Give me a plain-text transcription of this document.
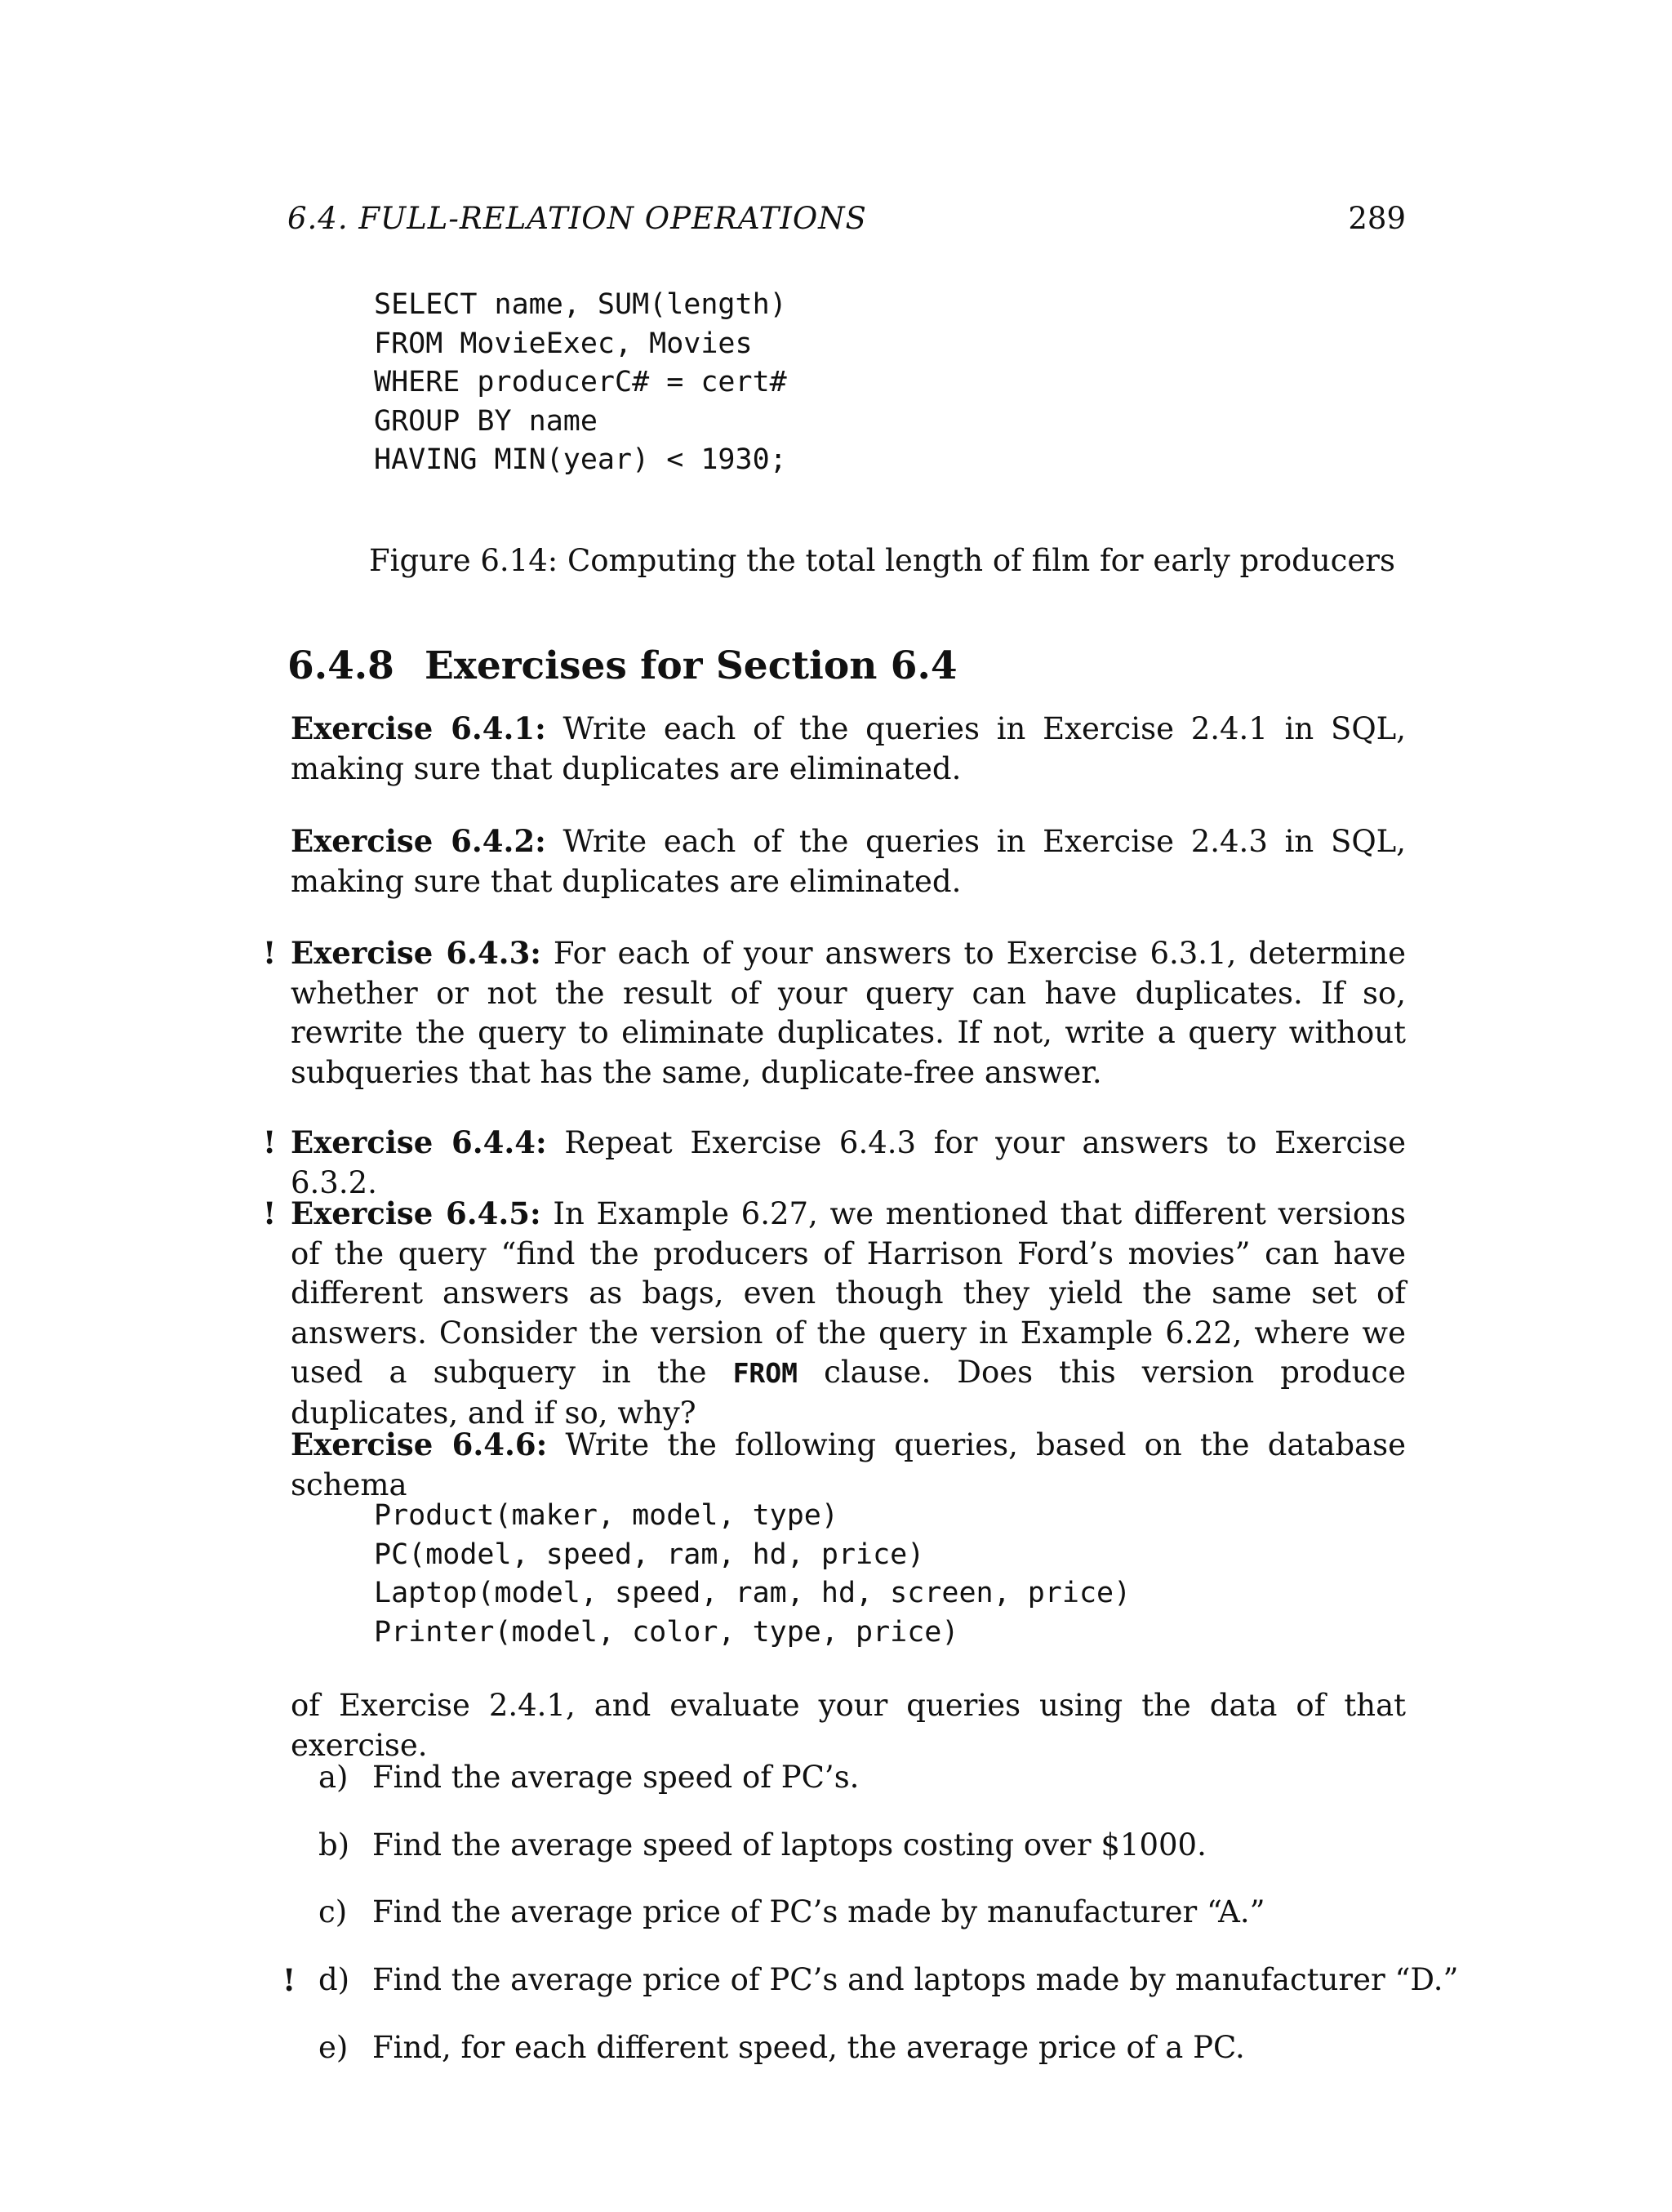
6.4. FULL-RELATION OPERATIONS	289
SELECT name, SUM(length)
FROM MovieExec, Movies
WHERE producerC# = cert#
GROUP BY name
HAVING MIN(year) < 1930;
Figure 6.14: Computing the total length of film for early producers
6.4.8 Exercises for Section 6.4
Exercise 6.4.1: Write each of the queries in Exercise 2.4.1 in SQL, making sure that duplicates are eliminated.
Exercise 6.4.2: Write each of the queries in Exercise 2.4.3 in SQL, making sure that duplicates are eliminated.
! Exercise 6.4.3: For each of your answers to Exercise 6.3.1, determine whether or not the result of your query can have duplicates. If so, rewrite the query to eliminate duplicates. If not, write a query without subqueries that has the same, duplicate-free answer.
! Exercise 6.4.4: Repeat Exercise 6.4.3 for your answers to Exercise 6.3.2.
! Exercise 6.4.5: In Example 6.27, we mentioned that different versions of the query “find the producers of Harrison Ford’s movies” can have different answers as bags, even though they yield the same set of answers. Consider the version of the query in Example 6.22, where we used a subquery in the FROM clause. Does this version produce duplicates, and if so, why?
Exercise 6.4.6: Write the following queries, based on the database schema
Product(maker, model, type)
PC(model, speed, ram, hd, price)
Laptop(model, speed, ram, hd, screen, price)
Printer(model, color, type, price)
of Exercise 2.4.1, and evaluate your queries using the data of that exercise.
a) Find the average speed of PC’s.
b) Find the average speed of laptops costing over $1000.
c) Find the average price of PC’s made by manufacturer “A.”
! d) Find the average price of PC’s and laptops made by manufacturer “D.”
e) Find, for each different speed, the average price of a PC.
